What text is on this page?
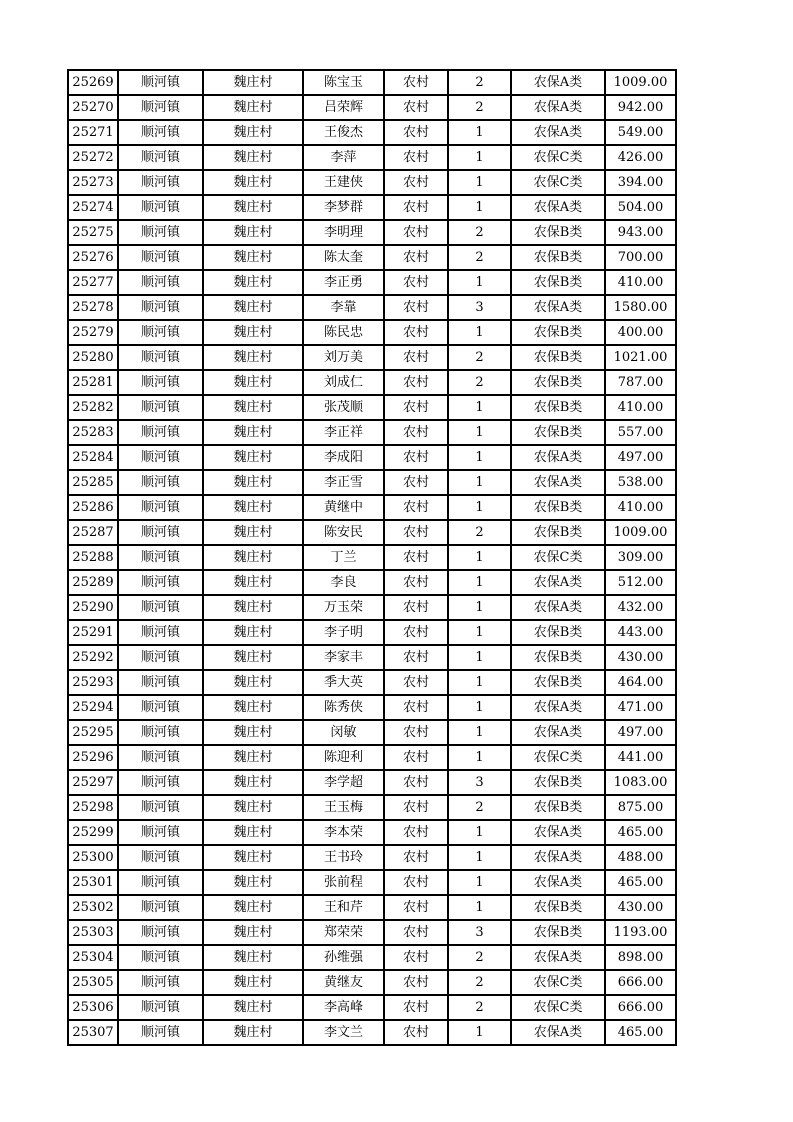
25269	顺河镇	魏庄村	陈宝玉	农村	2	农保A类	1009.00
25270	顺河镇	魏庄村	吕荣辉	农村	2	农保A类	942.00
25271	顺河镇	魏庄村	王俊杰	农村	1	农保A类	549.00
25272	顺河镇	魏庄村	李萍	农村	1	农保C类	426.00
25273	顺河镇	魏庄村	王建侠	农村	1	农保C类	394.00
25274	顺河镇	魏庄村	李梦群	农村	1	农保A类	504.00
25275	顺河镇	魏庄村	李明理	农村	2	农保B类	943.00
25276	顺河镇	魏庄村	陈太奎	农村	2	农保B类	700.00
25277	顺河镇	魏庄村	李正勇	农村	1	农保B类	410.00
25278	顺河镇	魏庄村	李靠	农村	3	农保A类	1580.00
25279	顺河镇	魏庄村	陈民忠	农村	1	农保B类	400.00
25280	顺河镇	魏庄村	刘万美	农村	2	农保B类	1021.00
25281	顺河镇	魏庄村	刘成仁	农村	2	农保B类	787.00
25282	顺河镇	魏庄村	张茂顺	农村	1	农保B类	410.00
25283	顺河镇	魏庄村	李正祥	农村	1	农保B类	557.00
25284	顺河镇	魏庄村	李成阳	农村	1	农保A类	497.00
25285	顺河镇	魏庄村	李正雪	农村	1	农保A类	538.00
25286	顺河镇	魏庄村	黄继中	农村	1	农保B类	410.00
25287	顺河镇	魏庄村	陈安民	农村	2	农保B类	1009.00
25288	顺河镇	魏庄村	丁兰	农村	1	农保C类	309.00
25289	顺河镇	魏庄村	李良	农村	1	农保A类	512.00
25290	顺河镇	魏庄村	万玉荣	农村	1	农保A类	432.00
25291	顺河镇	魏庄村	李子明	农村	1	农保B类	443.00
25292	顺河镇	魏庄村	李家丰	农村	1	农保B类	430.00
25293	顺河镇	魏庄村	季大英	农村	1	农保B类	464.00
25294	顺河镇	魏庄村	陈秀侠	农村	1	农保A类	471.00
25295	顺河镇	魏庄村	闵敏	农村	1	农保A类	497.00
25296	顺河镇	魏庄村	陈迎利	农村	1	农保C类	441.00
25297	顺河镇	魏庄村	李学超	农村	3	农保B类	1083.00
25298	顺河镇	魏庄村	王玉梅	农村	2	农保B类	875.00
25299	顺河镇	魏庄村	李本荣	农村	1	农保A类	465.00
25300	顺河镇	魏庄村	王书玲	农村	1	农保A类	488.00
25301	顺河镇	魏庄村	张前程	农村	1	农保A类	465.00
25302	顺河镇	魏庄村	王和芹	农村	1	农保B类	430.00
25303	顺河镇	魏庄村	郑荣荣	农村	3	农保B类	1193.00
25304	顺河镇	魏庄村	孙维强	农村	2	农保A类	898.00
25305	顺河镇	魏庄村	黄继友	农村	2	农保C类	666.00
25306	顺河镇	魏庄村	李高峰	农村	2	农保C类	666.00
25307	顺河镇	魏庄村	李文兰	农村	1	农保A类	465.00
